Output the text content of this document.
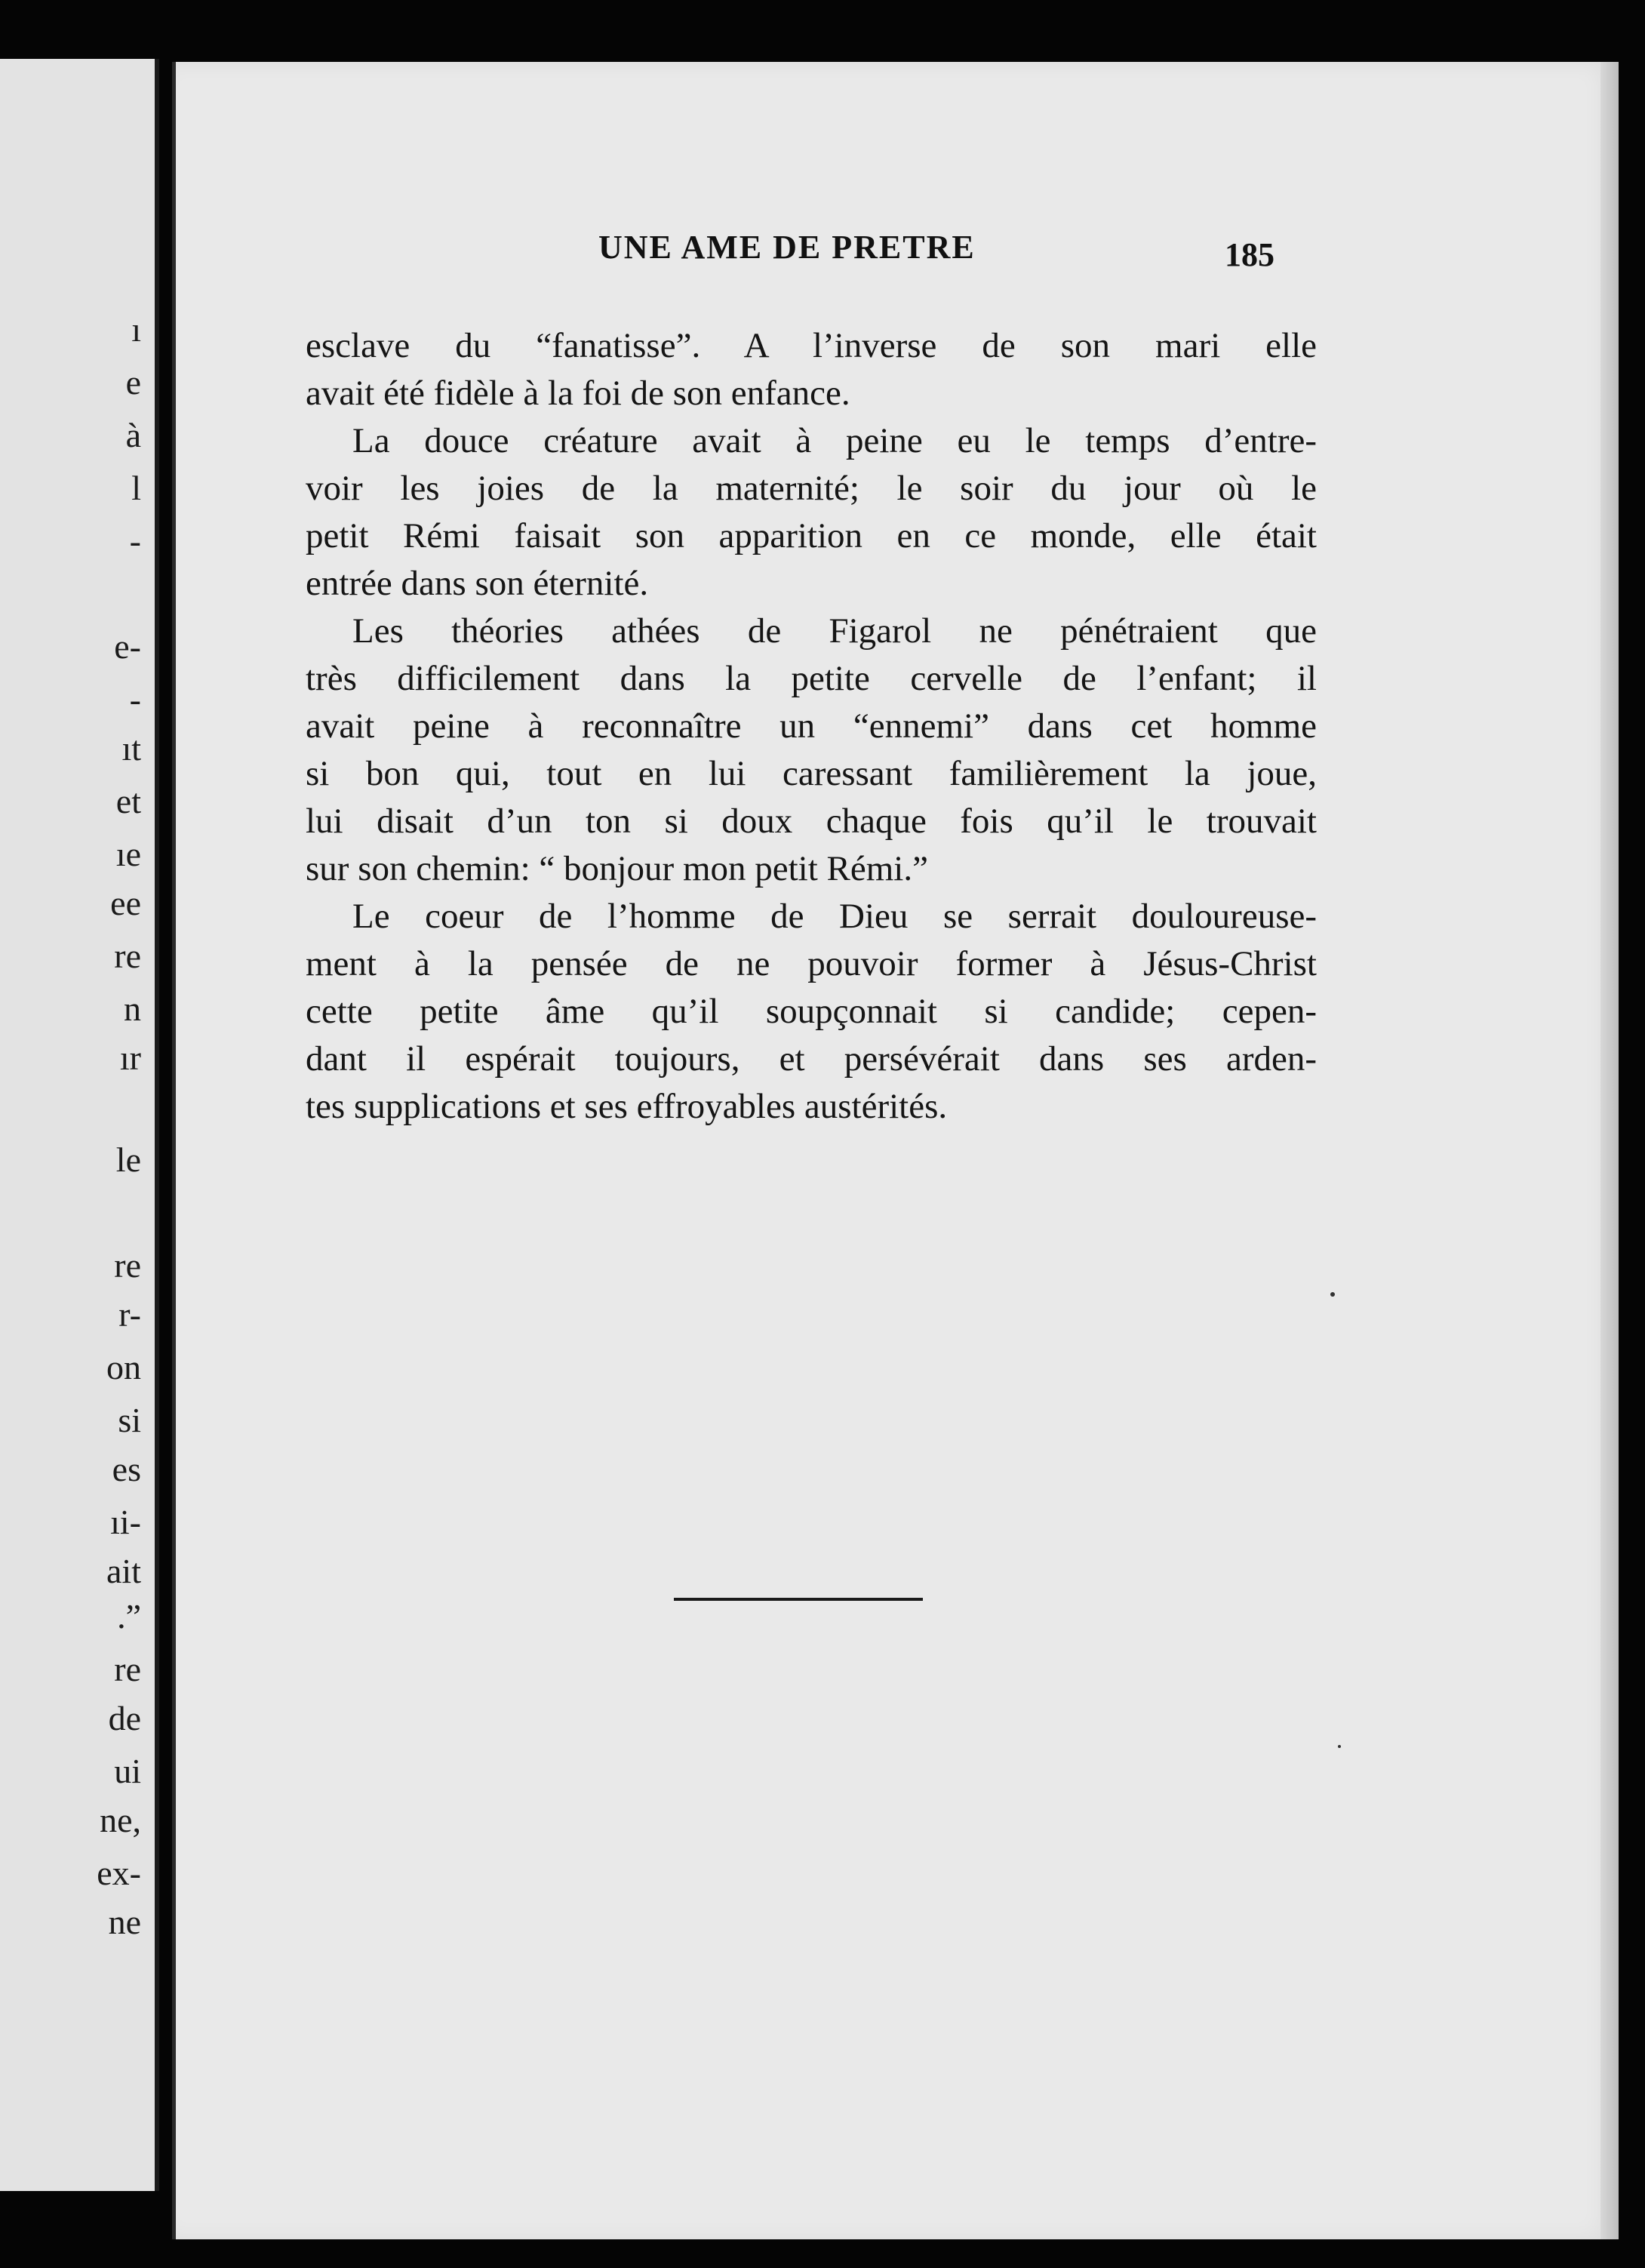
ı
e
à
l
-
e-
-
ıt
et
ıe
ee
re
n
ır
le
re
r-
on
si
es
ıi-
ait
.”
re
de
ui
ne,
ex-
ne
UNE AME DE PRETRE	185

esclave du “fanatisse”. A l’inverse de son mari elle
avait été fidèle à la foi de son enfance.

La douce créature avait à peine eu le temps d’entre-
voir les joies de la maternité; le soir du jour où le
petit Rémi faisait son apparition en ce monde, elle était
entrée dans son éternité.

Les théories athées de Figarol ne pénétraient que
très difficilement dans la petite cervelle de l’enfant; il
avait peine à reconnaître un “ennemi” dans cet homme
si bon qui, tout en lui caressant familièrement la joue,
lui disait d’un ton si doux chaque fois qu’il le trouvait
sur son chemin: “ bonjour mon petit Rémi.”

Le coeur de l’homme de Dieu se serrait douloureuse-
ment à la pensée de ne pouvoir former à Jésus-Christ
cette petite âme qu’il soupçonnait si candide; cepen-
dant il espérait toujours, et persévérait dans ses arden-
tes supplications et ses effroyables austérités.
